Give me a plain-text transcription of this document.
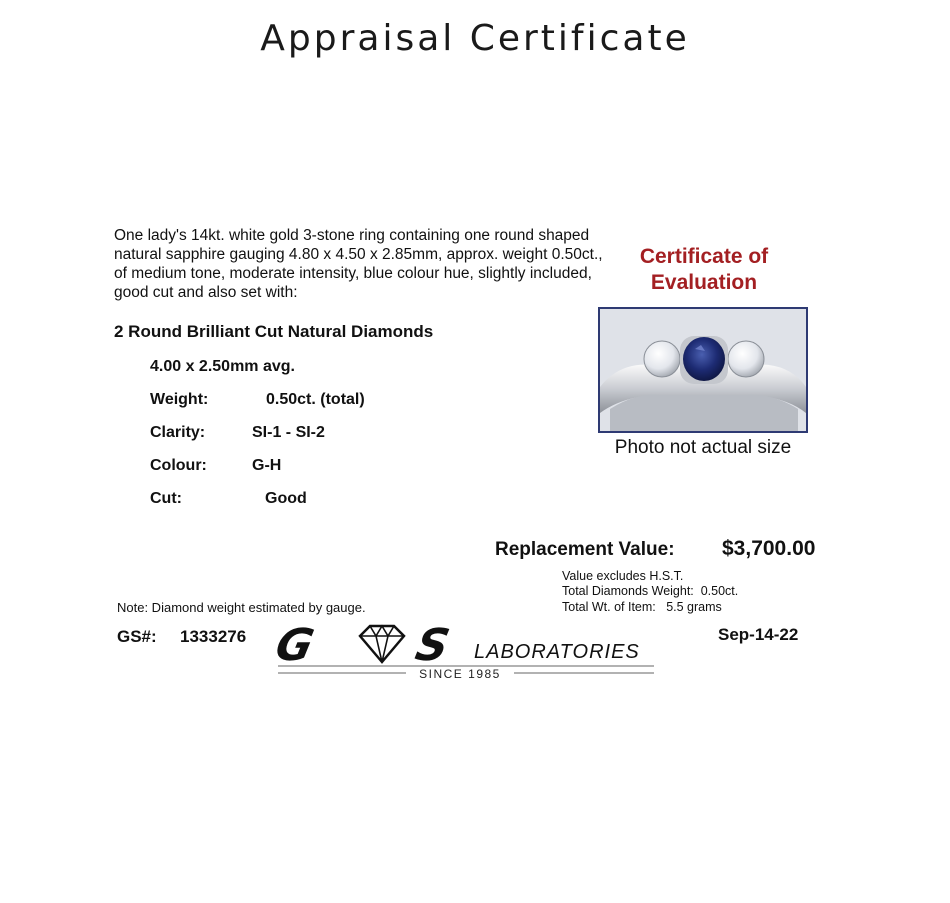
Appraisal Certificate
One lady's 14kt. white gold 3-stone ring containing one round shaped natural sapphire gauging 4.80 x 4.50 x 2.85mm, approx. weight 0.50ct., of medium tone, moderate intensity, blue colour hue, slightly included, good cut and also set with:
2 Round Brilliant Cut Natural Diamonds
4.00 x 2.50mm avg.
Weight:	0.50ct. (total)
Clarity:	SI-1 - SI-2
Colour:	G-H
Cut:	Good
Certificate of
Evaluation
Photo not actual size
Replacement Value: $3,700.00
Value excludes H.S.T.
Total Diamonds Weight:  0.50ct.
Total Wt. of Item:   5.5 grams
Note: Diamond weight estimated by gauge.
GS#: 1333276	Sep-14-22
G S LABORATORIES
SINCE 1985
